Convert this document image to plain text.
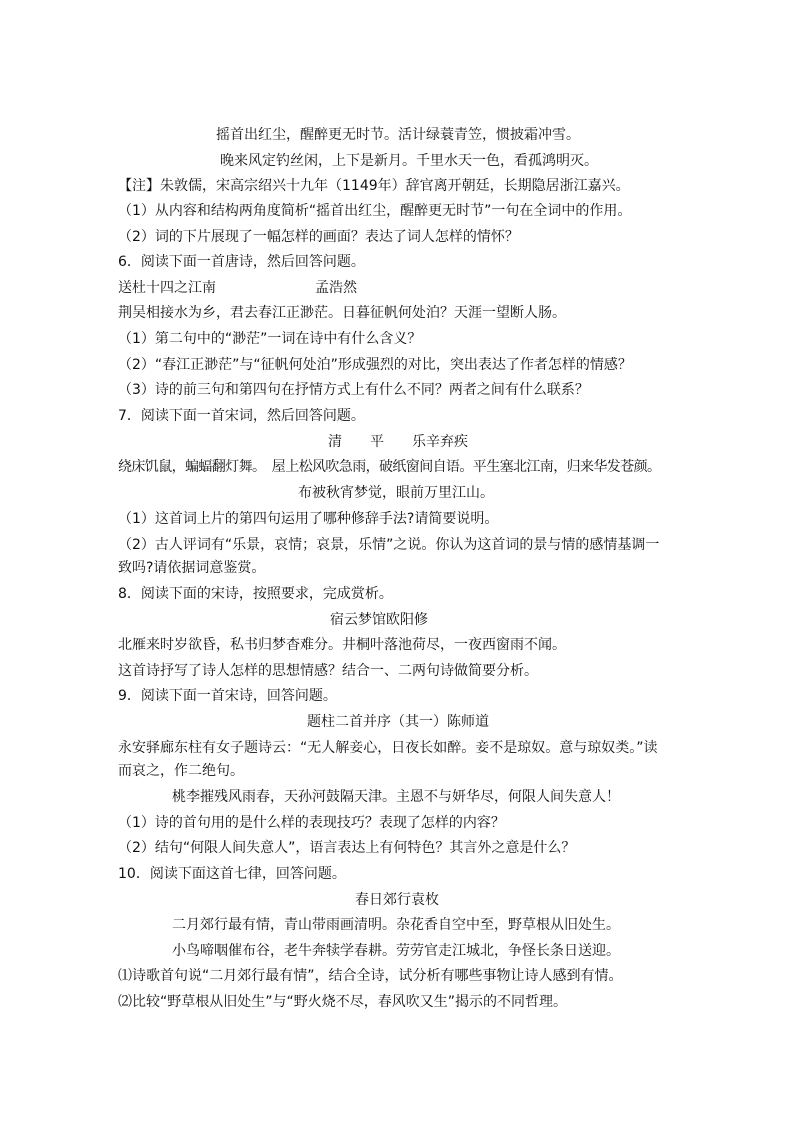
摇首出红尘，醒醉更无时节。活计绿蓑青笠，惯披霜冲雪。
晚来风定钓丝闲，上下是新月。千里水天一色，看孤鸿明灭。
【注】朱敦儒，宋高宗绍兴十九年（1149年）辞官离开朝廷，长期隐居浙江嘉兴。
（1）从内容和结构两角度简析“摇首出红尘，醒醉更无时节”一句在全词中的作用。
（2）词的下片展现了一幅怎样的画面？表达了词人怎样的情怀？
6．阅读下面一首唐诗，然后回答问题。
送杜十四之江南	孟浩然
荆吴相接水为乡，君去春江正渺茫。日暮征帆何处泊？天涯一望断人肠。
（1）第二句中的“渺茫”一词在诗中有什么含义？
（2）“春江正渺茫”与“征帆何处泊”形成强烈的对比，突出表达了作者怎样的情感？
（3）诗的前三句和第四句在抒情方式上有什么不同？两者之间有什么联系？
7．阅读下面一首宋词，然后回答问题。
清　　平　　乐辛弃疾
绕床饥鼠，蝙蝠翻灯舞。　屋上松风吹急雨，破纸窗间自语。平生塞北江南，归来华发苍颜。
布被秋宵梦觉，眼前万里江山。
（1）这首词上片的第四句运用了哪种修辞手法?请简要说明。
（2）古人评词有“乐景，哀情；哀景，乐情”之说。你认为这首词的景与情的感情基调一
致吗?请依据词意鉴赏。
8．阅读下面的宋诗，按照要求，完成赏析。
宿云梦馆欧阳修
北雁来时岁欲昏，私书归梦杳难分。井桐叶落池荷尽，一夜西窗雨不闻。
这首诗抒写了诗人怎样的思想情感？结合一、二两句诗做简要分析。
9．阅读下面一首宋诗，回答问题。
题柱二首并序（其一）陈师道
永安驿廊东柱有女子题诗云：“无人解妾心，日夜长如醉。妾不是琼奴。意与琼奴类。”读
而哀之，作二绝句。
桃李摧残风雨春，天孙河鼓隔天津。主恩不与妍华尽，何限人间失意人！
（1）诗的首句用的是什么样的表现技巧？表现了怎样的内容？
（2）结句“何限人间失意人”，语言表达上有何特色？其言外之意是什么？
10．阅读下面这首七律，回答问题。
春日郊行袁枚
二月郊行最有情，青山带雨画清明。杂花香自空中至，野草根从旧处生。
小鸟啼咽催布谷，老牛奔犊学春耕。劳劳官走江城北，争怪长条日送迎。
⑴诗歌首句说“二月郊行最有情”，结合全诗，试分析有哪些事物让诗人感到有情。
⑵比较“野草根从旧处生”与“野火烧不尽，春风吹又生”揭示的不同哲理。
